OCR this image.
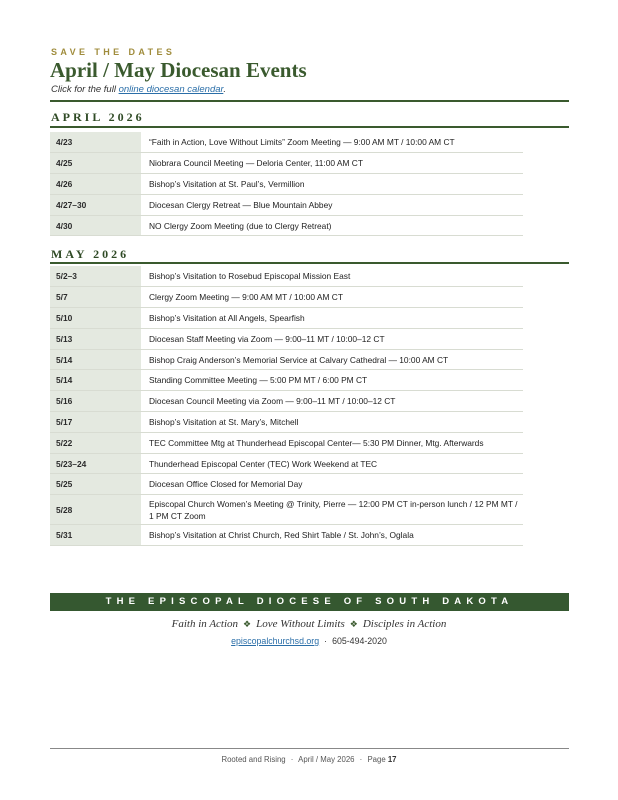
SAVE THE DATES
April / May Diocesan Events
Click for the full online diocesan calendar.
APRIL 2026
4/23	“Faith in Action, Love Without Limits” Zoom Meeting — 9:00 AM MT / 10:00 AM CT
4/25	Niobrara Council Meeting — Deloria Center, 11:00 AM CT
4/26	Bishop’s Visitation at St. Paul’s, Vermillion
4/27–30	Diocesan Clergy Retreat — Blue Mountain Abbey
4/30	NO Clergy Zoom Meeting (due to Clergy Retreat)
MAY 2026
5/2–3	Bishop’s Visitation to Rosebud Episcopal Mission East
5/7	Clergy Zoom Meeting — 9:00 AM MT / 10:00 AM CT
5/10	Bishop’s Visitation at All Angels, Spearfish
5/13	Diocesan Staff Meeting via Zoom — 9:00–11 MT / 10:00–12 CT
5/14	Bishop Craig Anderson’s Memorial Service at Calvary Cathedral — 10:00 AM CT
5/14	Standing Committee Meeting — 5:00 PM MT / 6:00 PM CT
5/16	Diocesan Council Meeting via Zoom — 9:00–11 MT / 10:00–12 CT
5/17	Bishop’s Visitation at St. Mary’s, Mitchell
5/22	TEC Committee Mtg at Thunderhead Episcopal Center— 5:30 PM Dinner, Mtg. Afterwards
5/23–24	Thunderhead Episcopal Center (TEC) Work Weekend at TEC
5/25	Diocesan Office Closed for Memorial Day
5/28	Episcopal Church Women’s Meeting @ Trinity, Pierre — 12:00 PM CT in-person lunch / 12 PM MT / 1 PM CT Zoom
5/31	Bishop’s Visitation at Christ Church, Red Shirt Table / St. John’s, Oglala
THE EPISCOPAL DIOCESE OF SOUTH DAKOTA
Faith in Action ❖ Love Without Limits ❖ Disciples in Action
episcopalchurchsd.org · 605-494-2020
Rooted and Rising · April / May 2026 · Page 17
